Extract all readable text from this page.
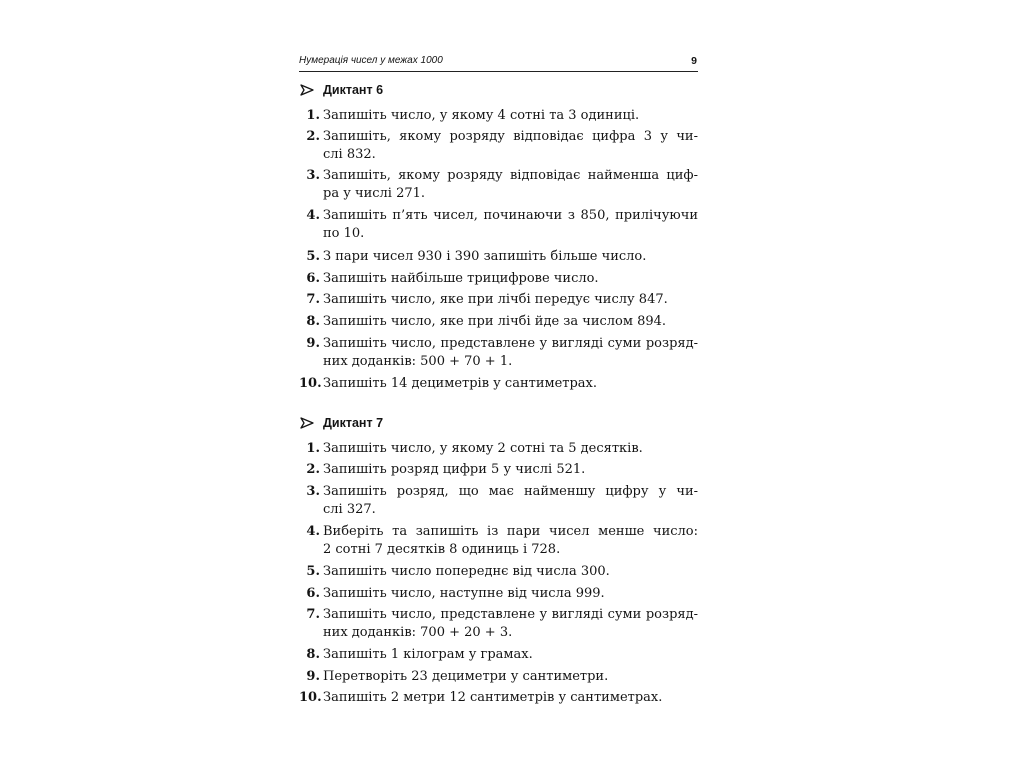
Нумерація чисел у межах 1000	9
Диктант 6
1. Запишіть число, у якому 4 сотні та 3 одиниці.
2. Запишіть, якому розряду відповідає цифра 3 у чи-
слі 832.
3. Запишіть, якому розряду відповідає найменша циф-
ра у числі 271.
4. Запишіть п’ять чисел, починаючи з 850, прилічуючи
по 10.
5. З пари чисел 930 і 390 запишіть більше число.
6. Запишіть найбільше трицифрове число.
7. Запишіть число, яке при лічбі передує числу 847.
8. Запишіть число, яке при лічбі йде за числом 894.
9. Запишіть число, представлене у вигляді суми розряд-
них доданків: 500 + 70 + 1.
10. Запишіть 14 дециметрів у сантиметрах.
Диктант 7
1. Запишіть число, у якому 2 сотні та 5 десятків.
2. Запишіть розряд цифри 5 у числі 521.
3. Запишіть розряд, що має найменшу цифру у чи-
слі 327.
4. Виберіть та запишіть із пари чисел менше число:
2 сотні 7 десятків 8 одиниць і 728.
5. Запишіть число попереднє від числа 300.
6. Запишіть число, наступне від числа 999.
7. Запишіть число, представлене у вигляді суми розряд-
них доданків: 700 + 20 + 3.
8. Запишіть 1 кілограм у грамах.
9. Перетворіть 23 дециметри у сантиметри.
10. Запишіть 2 метри 12 сантиметрів у сантиметрах.
